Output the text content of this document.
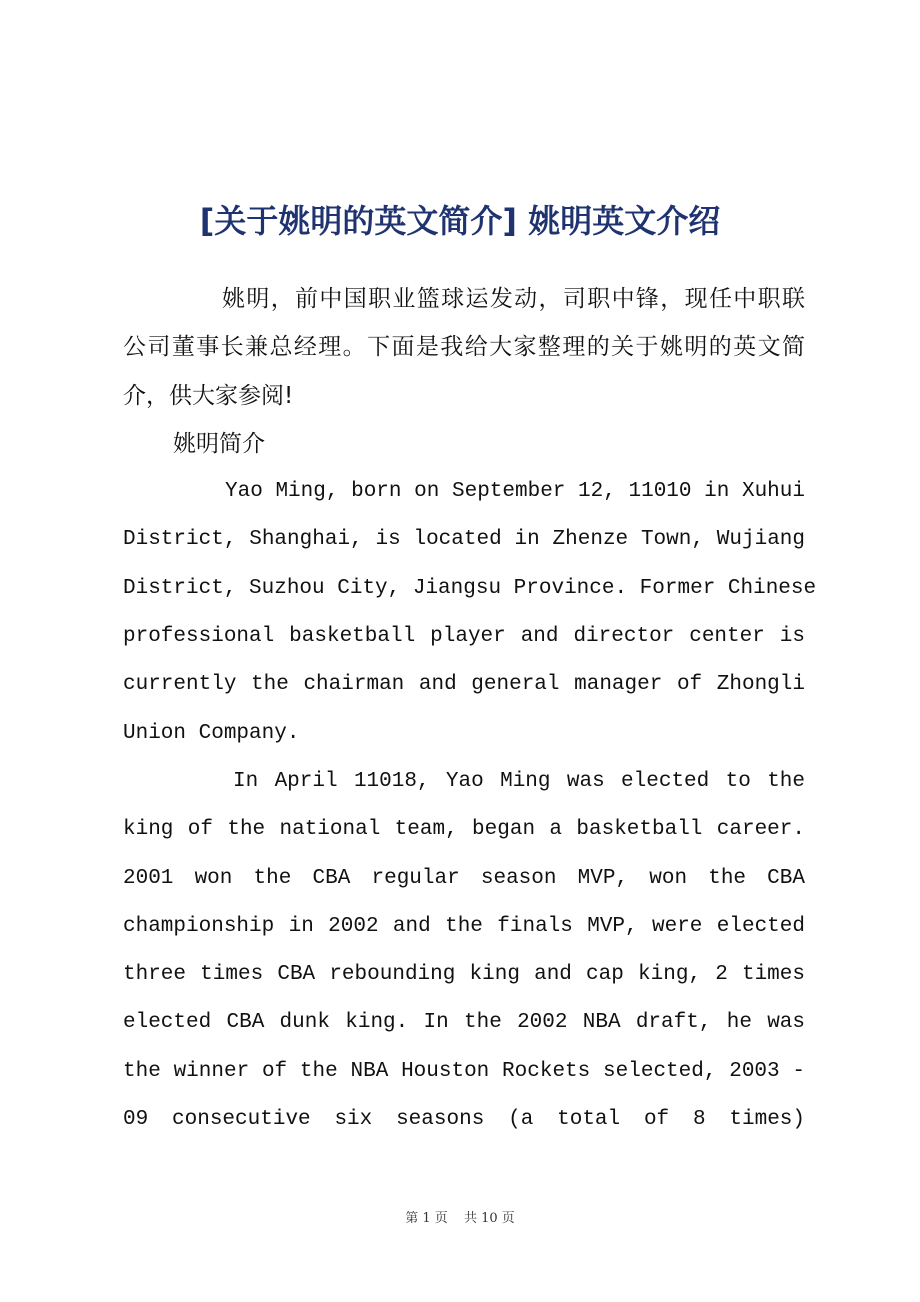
[关于姚明的英文简介] 姚明英文介绍
姚明，前中国职业篮球运发动，司职中锋，现任中职联
公司董事长兼总经理。下面是我给大家整理的关于姚明的英文简
介，供大家参阅!
姚明简介
Yao Ming, born on September 12, 11010 in Xuhui
District, Shanghai, is located in Zhenze Town, Wujiang
District, Suzhou City, Jiangsu Province. Former Chinese
professional basketball player and director center is
currently the chairman and general manager of Zhongli
Union Company.
In April 11018, Yao Ming was elected to the
king of the national team, began a basketball career.
2001 won the CBA regular season MVP, won the CBA
championship in 2002 and the finals MVP, were elected
three times CBA rebounding king and cap king, 2 times
elected CBA dunk king. In the 2002 NBA draft, he was
the winner of the NBA Houston Rockets selected, 2003 -
09 consecutive six seasons (a total of 8 times)
第 1 页 共 10 页
